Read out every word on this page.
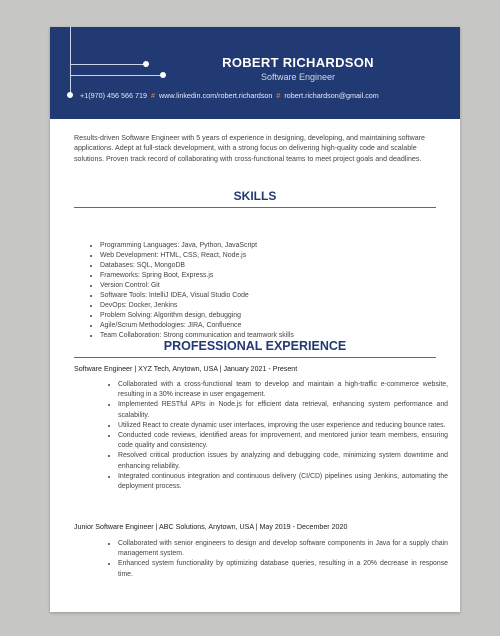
ROBERT RICHARDSON
Software Engineer
+1(970) 456 566 719 # www.linkedin.com/robert.richardson # robert.richardson@gmail.com
Results-driven Software Engineer with 5 years of experience in designing, developing, and maintaining software applications. Adept at full-stack development, with a strong focus on delivering high-quality code and scalable solutions. Proven track record of collaborating with cross-functional teams to meet project goals and deadlines.
SKILLS
• Programming Languages: Java, Python, JavaScript
• Web Development: HTML, CSS, React, Node.js
• Databases: SQL, MongoDB
• Frameworks: Spring Boot, Express.js
• Version Control: Git
• Software Tools: IntelliJ IDEA, Visual Studio Code
• DevOps: Docker, Jenkins
• Problem Solving: Algorithm design, debugging
• Agile/Scrum Methodologies: JIRA, Confluence
• Team Collaboration: Strong communication and teamwork skills
PROFESSIONAL EXPERIENCE
Software Engineer | XYZ Tech, Anytown, USA | January 2021 - Present
• Collaborated with a cross-functional team to develop and maintain a high-traffic e-commerce website, resulting in a 30% increase in user engagement.
• Implemented RESTful APIs in Node.js for efficient data retrieval, enhancing system performance and scalability.
• Utilized React to create dynamic user interfaces, improving the user experience and reducing bounce rates.
• Conducted code reviews, identified areas for improvement, and mentored junior team members, ensuring code quality and consistency.
• Resolved critical production issues by analyzing and debugging code, minimizing system downtime and enhancing reliability.
• Integrated continuous integration and continuous delivery (CI/CD) pipelines using Jenkins, automating the deployment process.
Junior Software Engineer | ABC Solutions, Anytown, USA | May 2019 - December 2020
• Collaborated with senior engineers to design and develop software components in Java for a supply chain management system.
• Enhanced system functionality by optimizing database queries, resulting in a 20% decrease in response time.
